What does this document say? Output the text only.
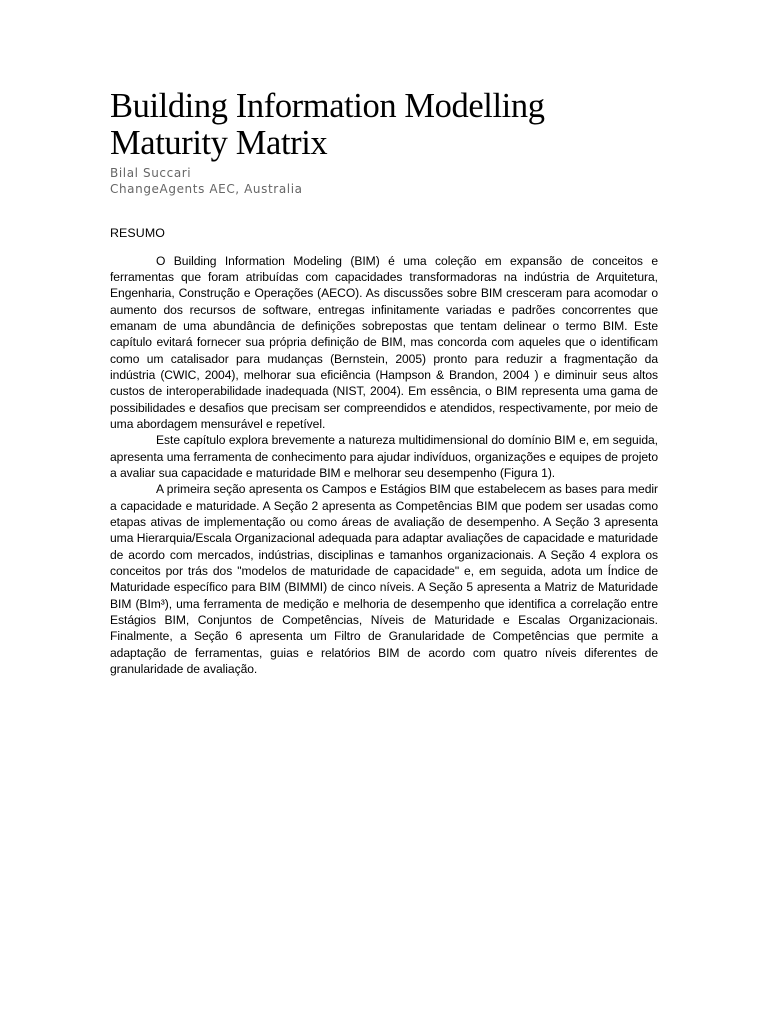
Building Information Modelling
Maturity Matrix

Bilal Succari

ChangeAgents AEC, Australia

RESUMO

O Building Information Modeling (BIM) é uma coleção em expansão de conceitos e ferramentas que foram atribuídas com capacidades transformadoras na indústria de Arquitetura, Engenharia, Construção e Operações (AECO). As discussões sobre BIM cresceram para acomodar o aumento dos recursos de software, entregas infinitamente variadas e padrões concorrentes que emanam de uma abundância de definições sobrepostas que tentam delinear o termo BIM. Este capítulo evitará fornecer sua própria definição de BIM, mas concorda com aqueles que o identificam como um catalisador para mudanças (Bernstein, 2005) pronto para reduzir a fragmentação da indústria (CWIC, 2004), melhorar sua eficiência (Hampson & Brandon, 2004 ) e diminuir seus altos custos de interoperabilidade inadequada (NIST, 2004). Em essência, o BIM representa uma gama de possibilidades e desafios que precisam ser compreendidos e atendidos, respectivamente, por meio de uma abordagem mensurável e repetível.

Este capítulo explora brevemente a natureza multidimensional do domínio BIM e, em seguida, apresenta uma ferramenta de conhecimento para ajudar indivíduos, organizações e equipes de projeto a avaliar sua capacidade e maturidade BIM e melhorar seu desempenho (Figura 1).

A primeira seção apresenta os Campos e Estágios BIM que estabelecem as bases para medir a capacidade e maturidade. A Seção 2 apresenta as Competências BIM que podem ser usadas como etapas ativas de implementação ou como áreas de avaliação de desempenho. A Seção 3 apresenta uma Hierarquia/Escala Organizacional adequada para adaptar avaliações de capacidade e maturidade de acordo com mercados, indústrias, disciplinas e tamanhos organizacionais. A Seção 4 explora os conceitos por trás dos "modelos de maturidade de capacidade" e, em seguida, adota um Índice de Maturidade específico para BIM (BIMMI) de cinco níveis. A Seção 5 apresenta a Matriz de Maturidade BIM (BIm³), uma ferramenta de medição e melhoria de desempenho que identifica a correlação entre Estágios BIM, Conjuntos de Competências, Níveis de Maturidade e Escalas Organizacionais. Finalmente, a Seção 6 apresenta um Filtro de Granularidade de Competências que permite a adaptação de ferramentas, guias e relatórios BIM de acordo com quatro níveis diferentes de granularidade de avaliação.
